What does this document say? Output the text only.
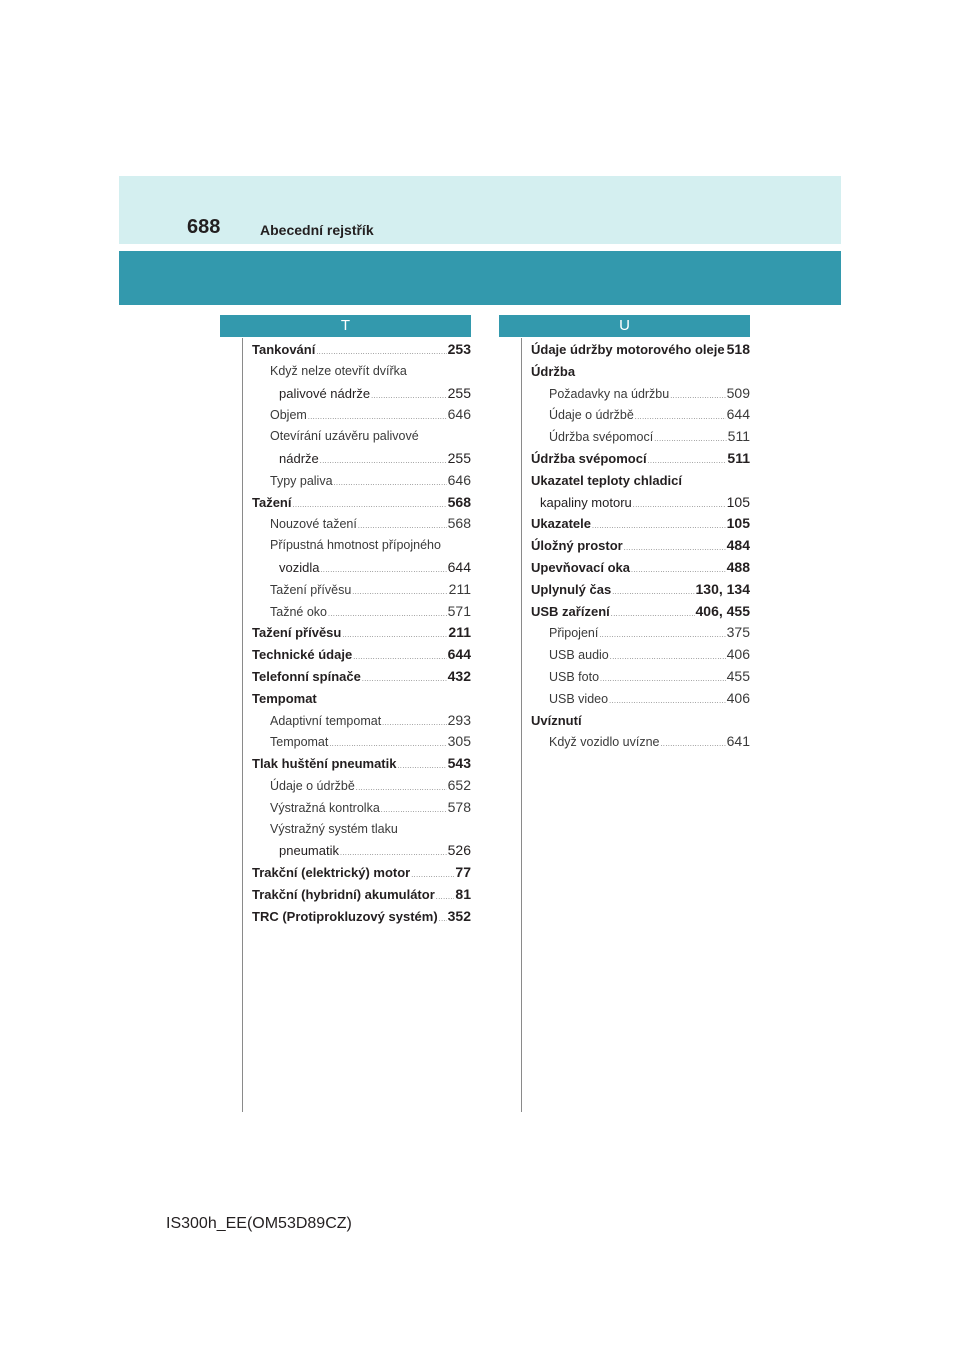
688	Abecední rejstřík
T	U
Tankování .....	253
Když nelze otevřít dvířka
palivové nádrže .....	255
Objem .....	646
Otevírání uzávěru palivové
nádrže .....	255
Typy paliva .....	646
Tažení .....	568
Nouzové tažení .....	568
Přípustná hmotnost přípojného
vozidla .....	644
Tažení přívěsu .....	211
Tažné oko .....	571
Tažení přívěsu .....	211
Technické údaje .....	644
Telefonní spínače .....	432
Tempomat
Adaptivní tempomat .....	293
Tempomat .....	305
Tlak huštění pneumatik .....	543
Údaje o údržbě .....	652
Výstražná kontrolka .....	578
Výstražný systém tlaku
pneumatik .....	526
Trakční (elektrický) motor .....	77
Trakční (hybridní) akumulátor ..... 81
TRC (Protiprokluzový systém) ..... 352
Údaje údržby motorového oleje ..... 518
Údržba
Požadavky na údržbu .....	509
Údaje o údržbě .....	644
Údržba svépomocí .....	511
Údržba svépomocí .....	511
Ukazatel teploty chladicí
kapaliny motoru .....	105
Ukazatele .....	105
Úložný prostor .....	484
Upevňovací oka .....	488
Uplynulý čas .....	130, 134
USB zařízení .....	406, 455
Připojení .....	375
USB audio .....	406
USB foto .....	455
USB video .....	406
Uvíznutí
Když vozidlo uvízne .....	641
IS300h_EE(OM53D89CZ)
